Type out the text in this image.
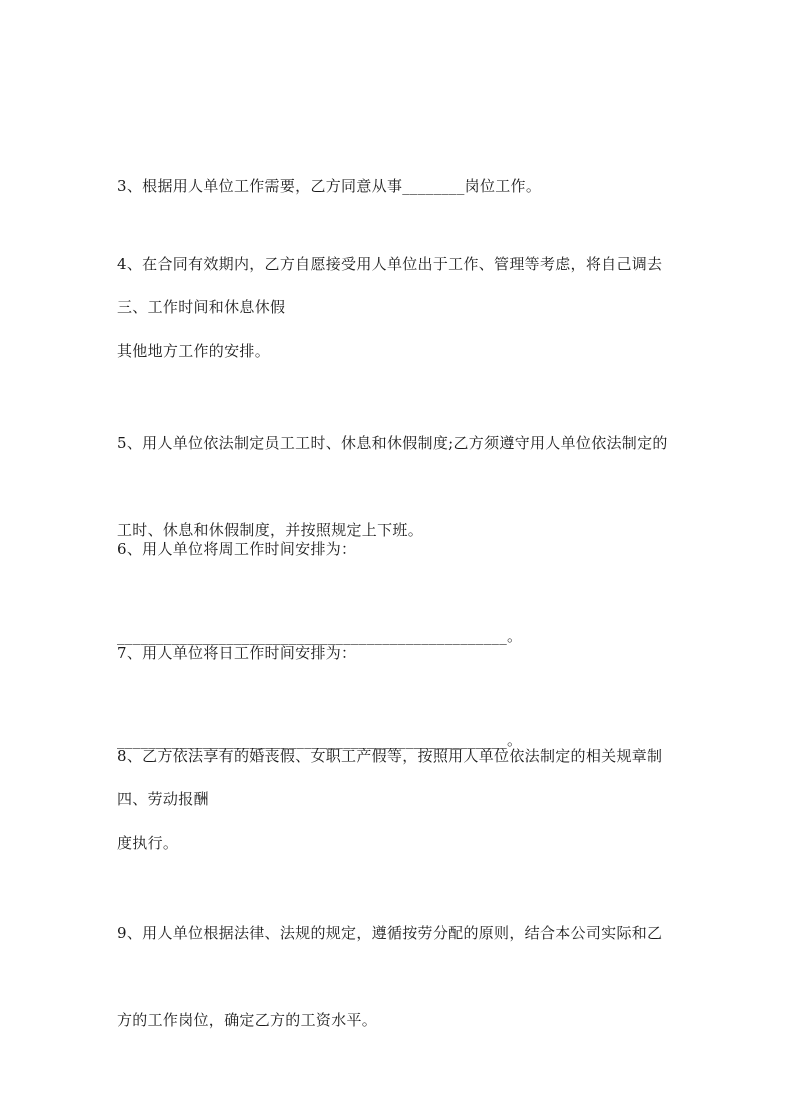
3、根据用人单位工作需要，乙方同意从事________岗位工作。

4、在合同有效期内，乙方自愿接受用人单位出于工作、管理等考虑，将自己调去

其他地方工作的安排。

三、工作时间和休息休假

5、用人单位依法制定员工工时、休息和休假制度;乙方须遵守用人单位依法制定的

工时、休息和休假制度，并按照规定上下班。

6、用人单位将周工作时间安排为：

__________________________________________________。

7、用人单位将日工作时间安排为：

__________________________________________________。

8、乙方依法享有的婚丧假、女职工产假等，按照用人单位依法制定的相关规章制

度执行。

四、劳动报酬

9、用人单位根据法律、法规的规定，遵循按劳分配的原则，结合本公司实际和乙

方的工作岗位，确定乙方的工资水平。
